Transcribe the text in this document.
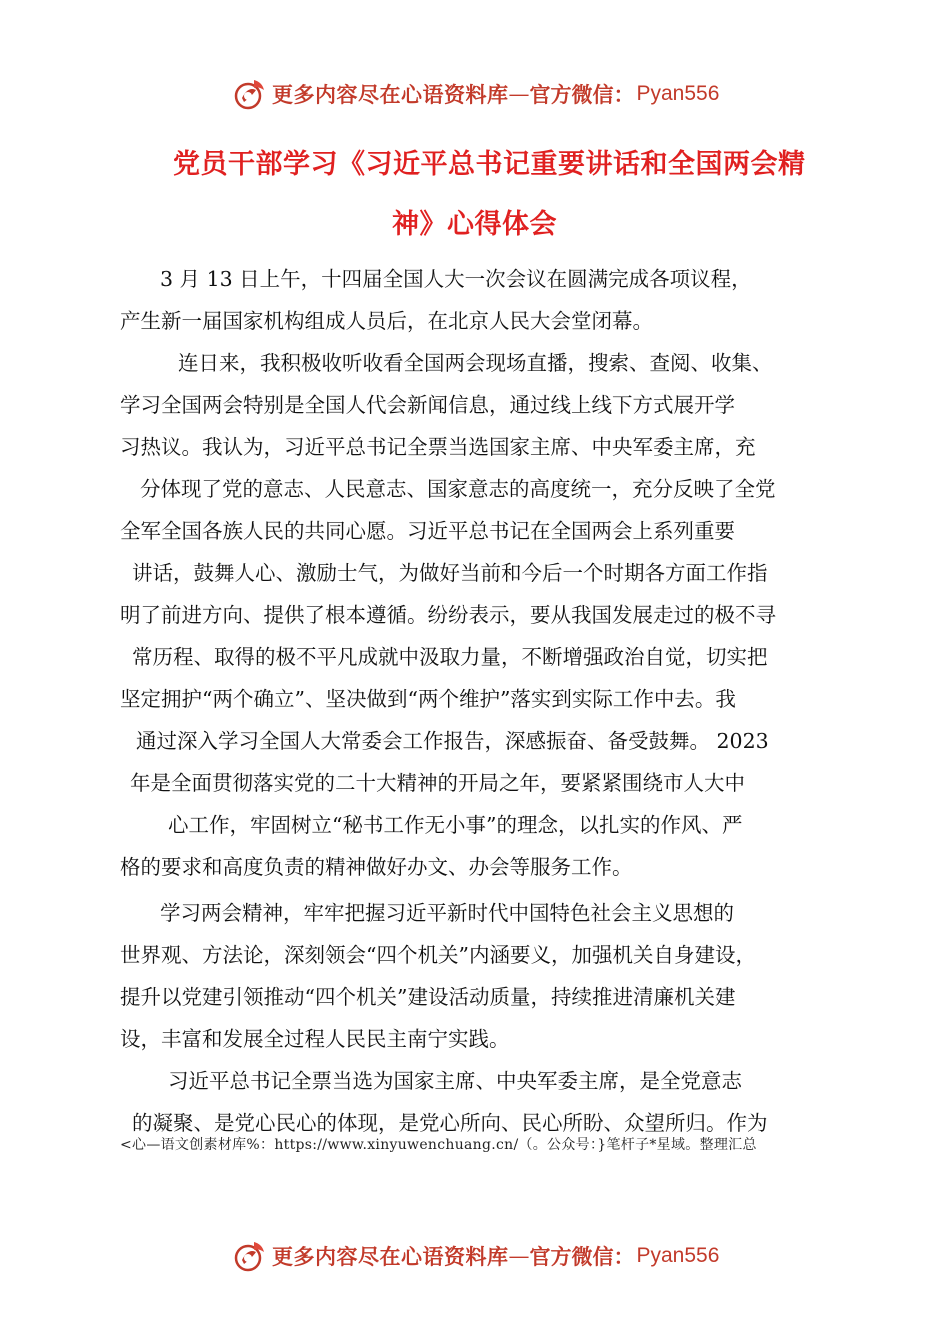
更多内容尽在心语资料库 — 官方微信： Pyan556
党员干部学习《习近平总书记重要讲话和全国两会精
神》心得体会
3 月 13 日上午，十四届全国人大一次会议在圆满完成各项议程，
产生新一届国家机构组成人员后，在北京人民大会堂闭幕。
连日来，我积极收听收看全国两会现场直播，搜索、查阅、收集、
学习全国两会特别是全国人代会新闻信息，通过线上线下方式展开学
习热议。我认为，习近平总书记全票当选国家主席、中央军委主席，充
分体现了党的意志、人民意志、国家意志的高度统一，充分反映了全党
全军全国各族人民的共同心愿。习近平总书记在全国两会上系列重要
讲话，鼓舞人心、激励士气，为做好当前和今后一个时期各方面工作指
明了前进方向、提供了根本遵循。纷纷表示，要从我国发展走过的极不寻
常历程、取得的极不平凡成就中汲取力量，不断增强政治自觉，切实把
坚定拥护“两个确立”、坚决做到“两个维护”落实到实际工作中去。我
通过深入学习全国人大常委会工作报告，深感振奋、备受鼓舞。 2023
年是全面贯彻落实党的二十大精神的开局之年，要紧紧围绕市人大中
心工作，牢固树立“秘书工作无小事”的理念，以扎实的作风、严
格的要求和高度负责的精神做好办文、办会等服务工作。
学习两会精神，牢牢把握习近平新时代中国特色社会主义思想的
世界观、方法论，深刻领会“四个机关”内涵要义，加强机关自身建设，
提升以党建引领推动“四个机关”建设活动质量，持续推进清廉机关建
设，丰富和发展全过程人民民主南宁实践。
习近平总书记全票当选为国家主席、中央军委主席，是全党意志
的凝聚、是党心民心的体现，是党心所向、民心所盼、众望所归。作为
<心—语文创素材库%：https://www.xinyuwenchuang.cn/（。公众号：}笔杆子*星域。整理汇总
更多内容尽在心语资料库 — 官方微信： Pyan556
